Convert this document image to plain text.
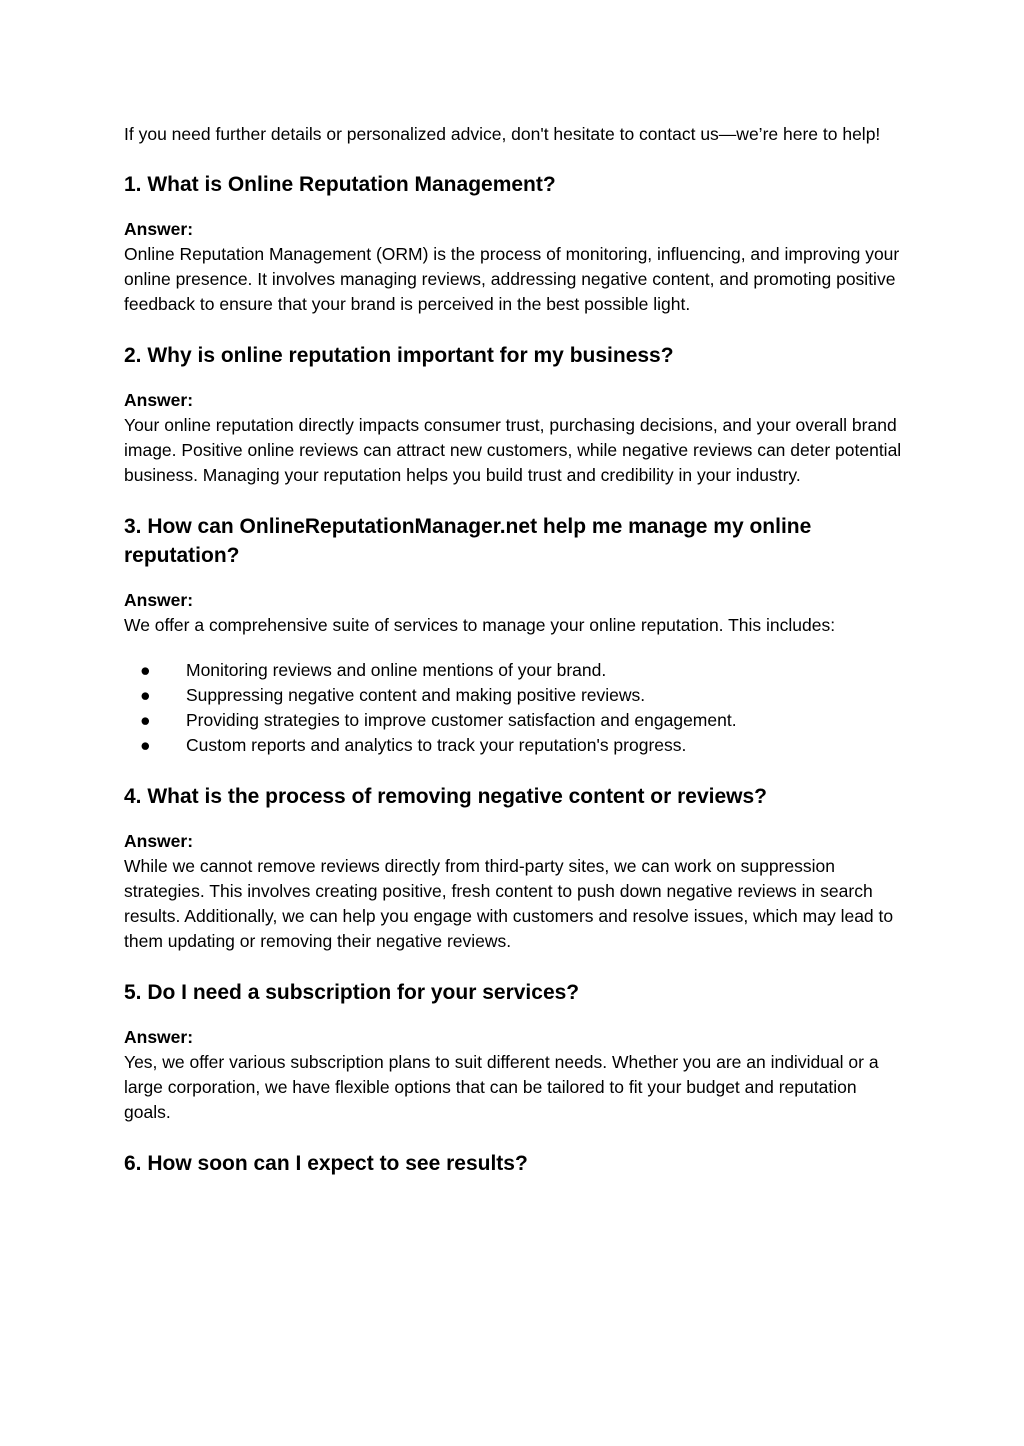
If you need further details or personalized advice, don't hesitate to contact us—we’re here to help!

1. What is Online Reputation Management?

Answer:

Online Reputation Management (ORM) is the process of monitoring, influencing, and improving your online presence. It involves managing reviews, addressing negative content, and promoting positive feedback to ensure that your brand is perceived in the best possible light.

2. Why is online reputation important for my business?

Answer:

Your online reputation directly impacts consumer trust, purchasing decisions, and your overall brand image. Positive online reviews can attract new customers, while negative reviews can deter potential business. Managing your reputation helps you build trust and credibility in your industry.

3. How can OnlineReputationManager.net help me manage my online reputation?

Answer:

We offer a comprehensive suite of services to manage your online reputation. This includes:

● Monitoring reviews and online mentions of your brand.
● Suppressing negative content and making positive reviews.
● Providing strategies to improve customer satisfaction and engagement.
● Custom reports and analytics to track your reputation's progress.
4. What is the process of removing negative content or reviews?

Answer:

While we cannot remove reviews directly from third-party sites, we can work on suppression strategies. This involves creating positive, fresh content to push down negative reviews in search results. Additionally, we can help you engage with customers and resolve issues, which may lead to them updating or removing their negative reviews.

5. Do I need a subscription for your services?

Answer:

Yes, we offer various subscription plans to suit different needs. Whether you are an individual or a large corporation, we have flexible options that can be tailored to fit your budget and reputation goals.

6. How soon can I expect to see results?
